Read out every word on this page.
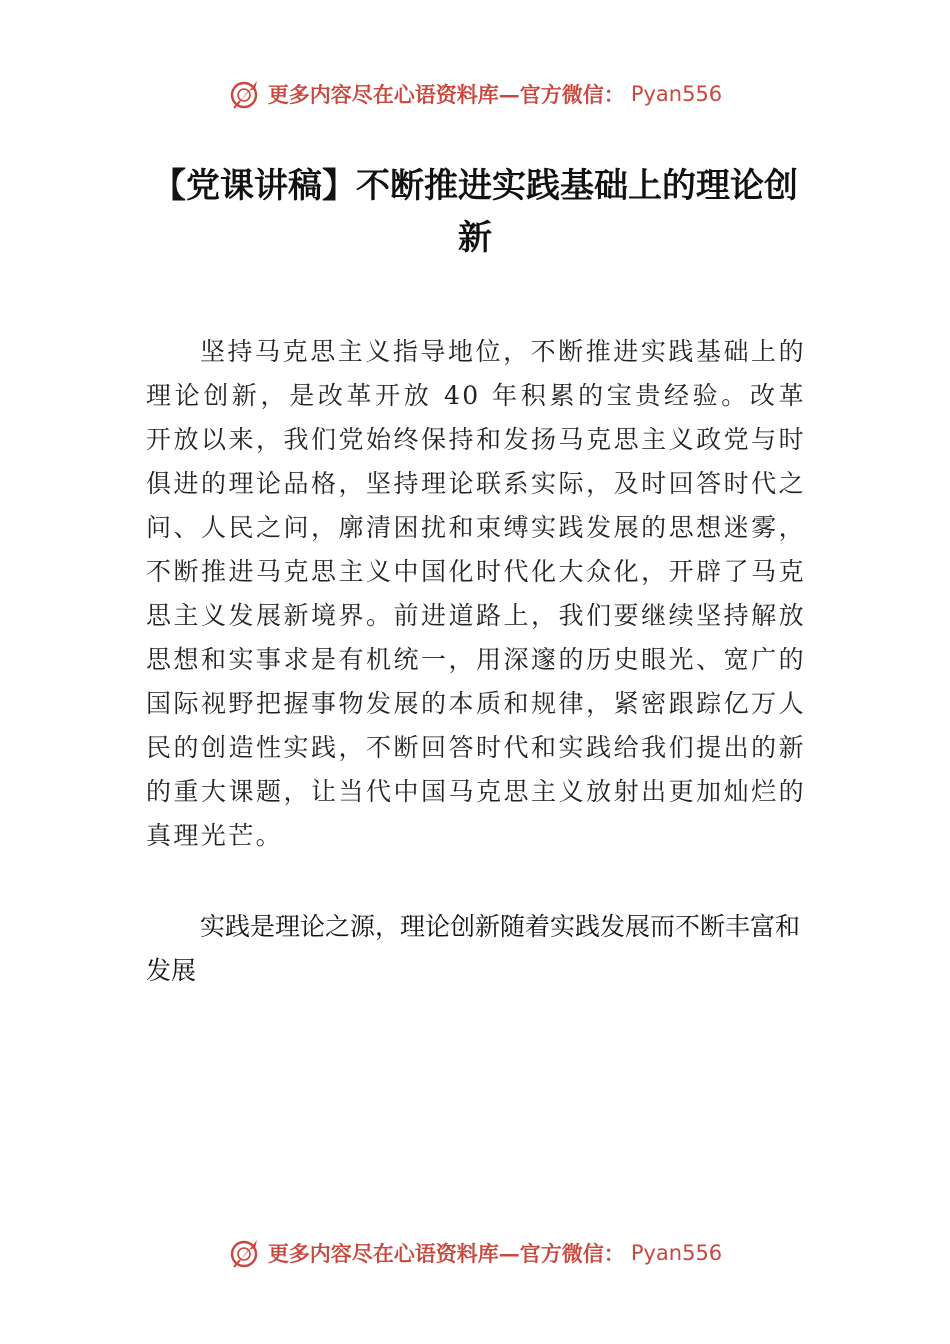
更多内容尽在心语资料库—官方微信： Pyan556
【党课讲稿】不断推进实践基础上的理论创新

坚持马克思主义指导地位，不断推进实践基础上的理论创新，是改革开放 40 年积累的宝贵经验。改革开放以来，我们党始终保持和发扬马克思主义政党与时俱进的理论品格，坚持理论联系实际，及时回答时代之问、人民之问，廓清困扰和束缚实践发展的思想迷雾，不断推进马克思主义中国化时代化大众化，开辟了马克思主义发展新境界。前进道路上，我们要继续坚持解放思想和实事求是有机统一，用深邃的历史眼光、宽广的国际视野把握事物发展的本质和规律，紧密跟踪亿万人民的创造性实践，不断回答时代和实践给我们提出的新的重大课题，让当代中国马克思主义放射出更加灿烂的真理光芒。

实践是理论之源，理论创新随着实践发展而不断丰富和发展

更多内容尽在心语资料库—官方微信： Pyan556
